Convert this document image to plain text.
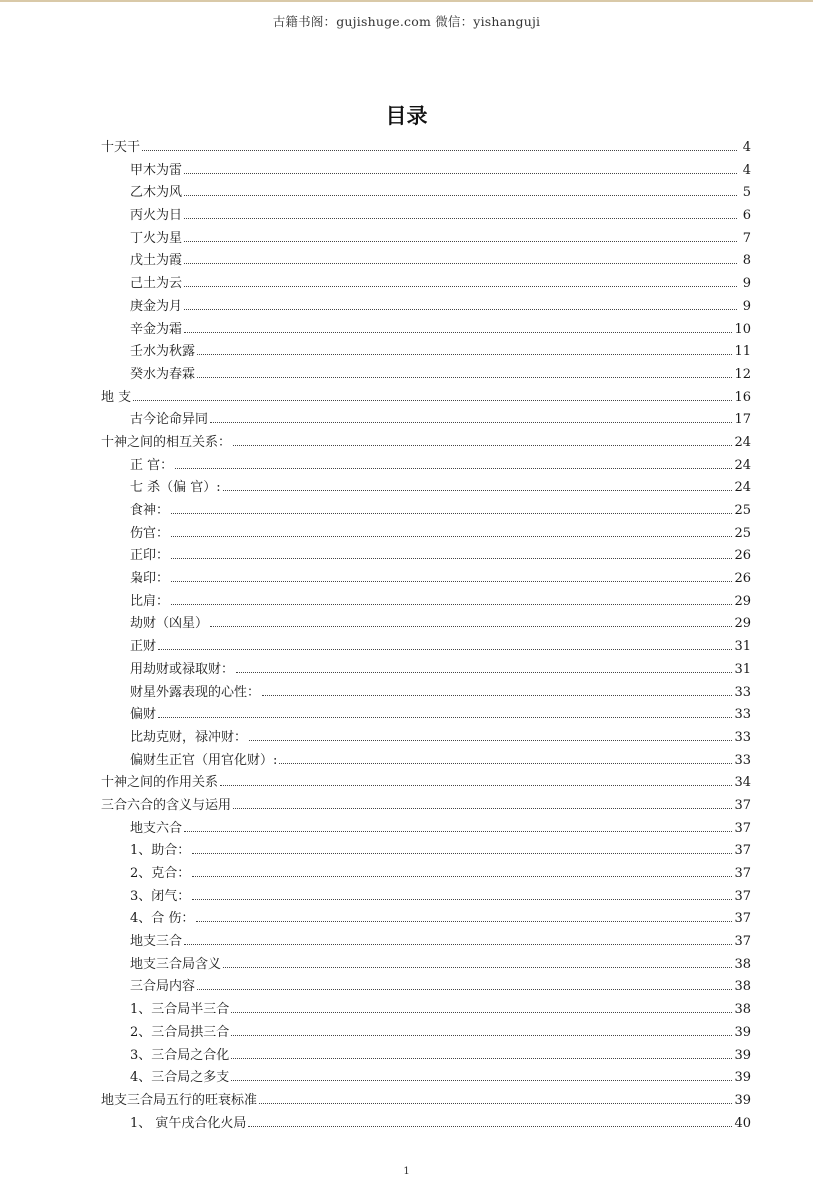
古籍书阁：gujishuge.com 微信：yishanguji
目录
十天干	4
甲木为雷	4
乙木为风	5
丙火为日	6
丁火为星	7
戊土为霞	8
己土为云	9
庚金为月	9
辛金为霜	10
壬水为秋露	11
癸水为春霖	12
地 支	16
古今论命异同	17
十神之间的相互关系：	24
正 官：	24
七 杀（偏 官）:	24
食神：	25
伤官：	25
正印：	26
枭印：	26
比肩：	29
劫财（凶星）	29
正财	31
用劫财或禄取财：	31
财星外露表现的心性：	33
偏财	33
比劫克财，禄冲财：	33
偏财生正官（用官化财）:	33
十神之间的作用关系	34
三合六合的含义与运用	37
地支六合	37
1、助合：	37
2、克合：	37
3、闭气：	37
4、合 伤：	37
地支三合	37
地支三合局含义	38
三合局内容	38
1、三合局半三合	38
2、三合局拱三合	39
3、三合局之合化	39
4、三合局之多支	39
地支三合局五行的旺衰标准	39
1、 寅午戌合化火局	40
1
